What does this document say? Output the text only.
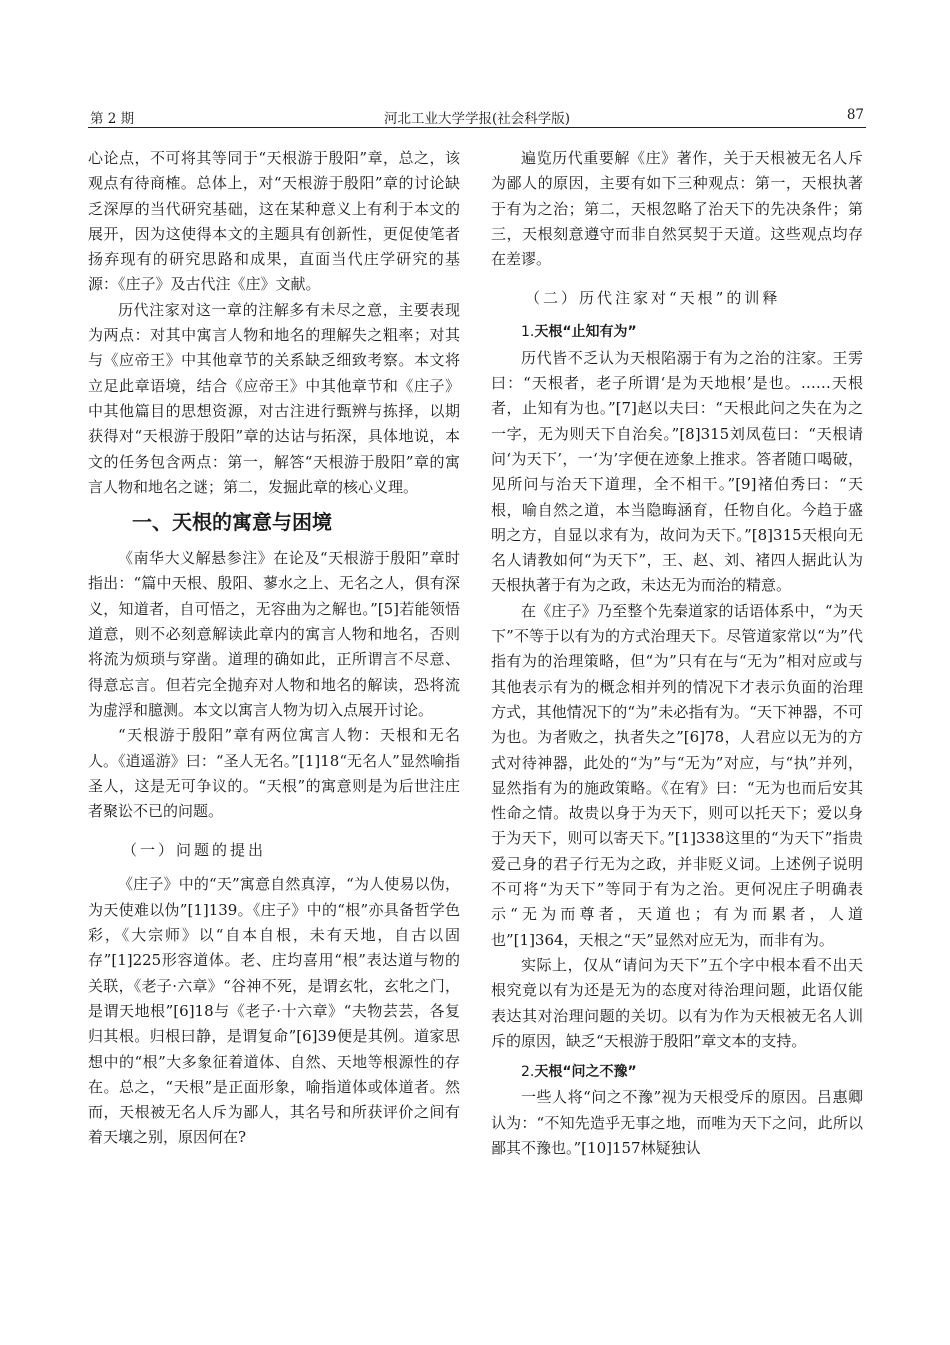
第 2 期	河北工业大学学报(社会科学版)	87

心论点，不可将其等同于“天根游于殷阳”章，总之，该观点有待商榷。总体上，对“天根游于殷阳”章的讨论缺乏深厚的当代研究基础，这在某种意义上有利于本文的展开，因为这使得本文的主题具有创新性，更促使笔者扬弃现有的研究思路和成果，直面当代庄学研究的基源：《庄子》及古代注《庄》文献。

历代注家对这一章的注解多有未尽之意，主要表现为两点：对其中寓言人物和地名的理解失之粗率；对其与《应帝王》中其他章节的关系缺乏细致考察。本文将立足此章语境，结合《应帝王》中其他章节和《庄子》中其他篇目的思想资源，对古注进行甄辨与拣择，以期获得对“天根游于殷阳”章的达诂与拓深，具体地说，本文的任务包含两点：第一，解答“天根游于殷阳”章的寓言人物和地名之谜；第二，发掘此章的核心义理。

一、天根的寓意与困境

《南华大义解悬参注》在论及“天根游于殷阳”章时指出：“篇中天根、殷阳、蓼水之上、无名之人，俱有深义，知道者，自可悟之，无容曲为之解也。”[5]若能领悟道意，则不必刻意解读此章内的寓言人物和地名，否则将流为烦琐与穿凿。道理的确如此，正所谓言不尽意、得意忘言。但若完全抛弃对人物和地名的解读，恐将流为虚浮和臆测。本文以寓言人物为切入点展开讨论。

“天根游于殷阳”章有两位寓言人物：天根和无名人。《逍遥游》曰：“圣人无名。”[1]18“无名人”显然喻指圣人，这是无可争议的。“天根”的寓意则是为后世注庄者聚讼不已的问题。

（一）问题的提出

《庄子》中的“天”寓意自然真淳，“为人使易以伪，为天使难以伪”[1]139。《庄子》中的“根”亦具备哲学色彩，《大宗师》以“自本自根，未有天地，自古以固存”[1]225形容道体。老、庄均喜用“根”表达道与物的关联，《老子·六章》“谷神不死，是谓玄牝，玄牝之门，是谓天地根”[6]18与《老子·十六章》“夫物芸芸，各复归其根。归根曰静，是谓复命”[6]39便是其例。道家思想中的“根”大多象征着道体、自然、天地等根源性的存在。总之，“天根”是正面形象，喻指道体或体道者。然而，天根被无名人斥为鄙人，其名号和所获评价之间有着天壤之别，原因何在?

遍览历代重要解《庄》著作，关于天根被无名人斥为鄙人的原因，主要有如下三种观点：第一，天根执著于有为之治；第二，天根忽略了治天下的先决条件；第三，天根刻意遵守而非自然冥契于天道。这些观点均存在差谬。

（二）历代注家对“天根”的训释
1.天根“止知有为”

历代皆不乏认为天根陷溺于有为之治的注家。王雱曰：“天根者，老子所谓‘是为天地根’是也。……天根者，止知有为也。”[7]赵以夫曰：“天根此问之失在为之一字，无为则天下自治矣。”[8]315刘凤苞曰：“天根请问‘为天下’，一‘为’字便在迹象上推求。答者随口喝破，见所问与治天下道理，全不相干。”[9]褚伯秀曰：“天根，喻自然之道，本当隐晦涵育，任物自化。今趋于盛明之方，自显以求有为，故问为天下。”[8]315天根向无名人请教如何“为天下”，王、赵、刘、褚四人据此认为天根执著于有为之政，未达无为而治的精意。

在《庄子》乃至整个先秦道家的话语体系中，“为天下”不等于以有为的方式治理天下。尽管道家常以“为”代指有为的治理策略，但“为”只有在与“无为”相对应或与其他表示有为的概念相并列的情况下才表示负面的治理方式，其他情况下的“为”未必指有为。“天下神器，不可为也。为者败之，执者失之”[6]78，人君应以无为的方式对待神器，此处的“为”与“无为”对应，与“执”并列，显然指有为的施政策略。《在宥》曰：“无为也而后安其性命之情。故贵以身于为天下，则可以托天下；爱以身于为天下，则可以寄天下。”[1]338这里的“为天下”指贵爱己身的君子行无为之政，并非贬义词。上述例子说明不可将“为天下”等同于有为之治。更何况庄子明确表示“无为而尊者，天道也；有为而累者，人道也”[1]364，天根之“天”显然对应无为，而非有为。

实际上，仅从“请问为天下”五个字中根本看不出天根究竟以有为还是无为的态度对待治理问题，此语仅能表达其对治理问题的关切。以有为作为天根被无名人训斥的原因，缺乏“天根游于殷阳”章文本的支持。

2.天根“问之不豫”

一些人将“问之不豫”视为天根受斥的原因。吕惠卿认为：“不知先造乎无事之地，而唯为天下之问，此所以鄙其不豫也。”[10]157林疑独认
